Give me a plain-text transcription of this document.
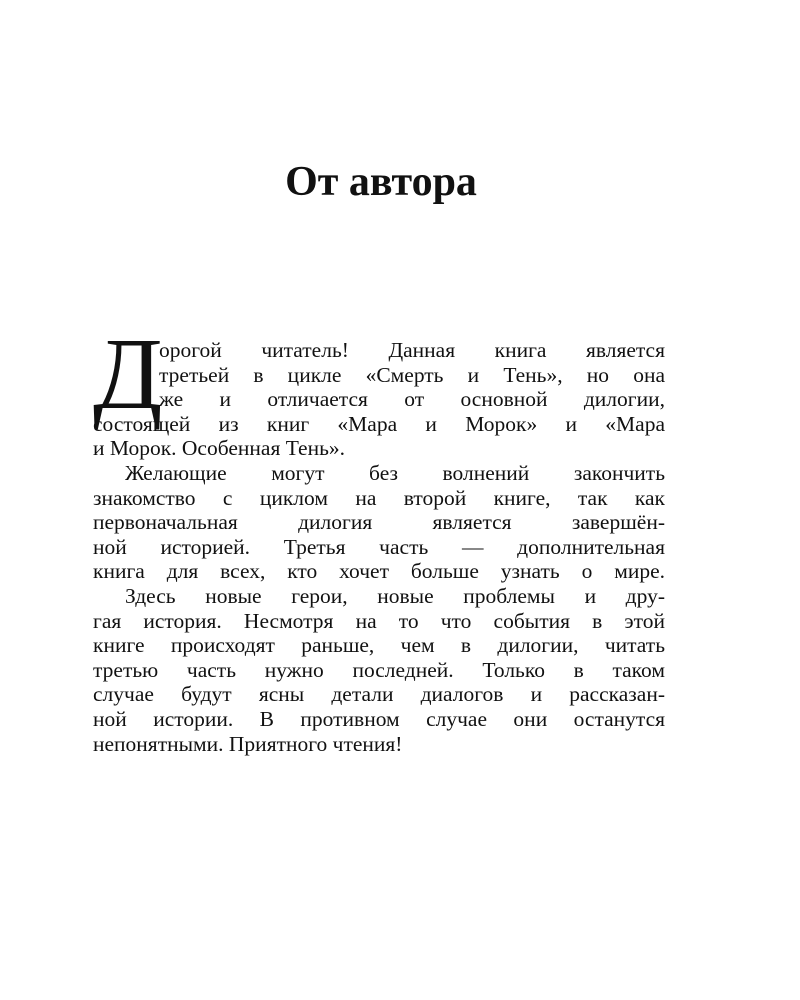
От автора
Д
орогой читатель! Данная книга является
третьей в цикле «Смерть и Тень», но она
же и отличается от основной дилогии,
состоящей из книг «Мара и Морок» и «Мара
и Морок. Особенная Тень».
Желающие могут без волнений закончить
знакомство с циклом на второй книге, так как
первоначальная дилогия является завершён-
ной историей. Третья часть — дополнительная
книга для всех, кто хочет больше узнать о мире.
Здесь новые герои, новые проблемы и дру-
гая история. Несмотря на то что события в этой
книге происходят раньше, чем в дилогии, читать
третью часть нужно последней. Только в таком
случае будут ясны детали диалогов и рассказан-
ной истории. В противном случае они останутся
непонятными. Приятного чтения!
